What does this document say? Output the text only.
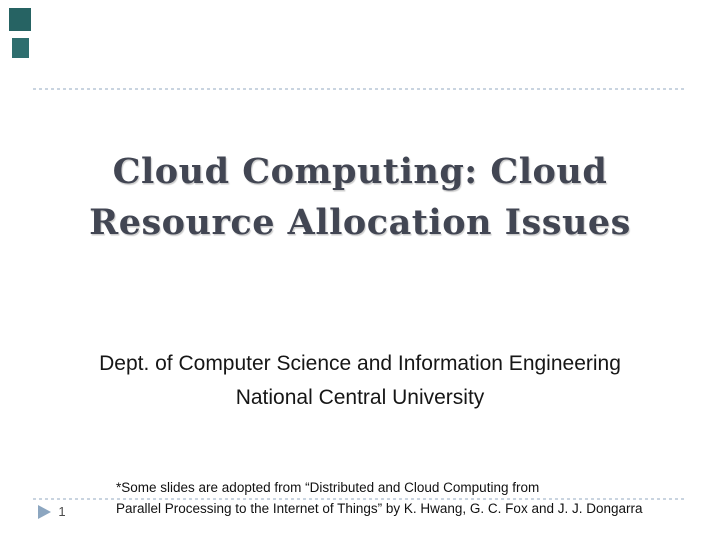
Cloud Computing: Cloud
Resource Allocation Issues
Dept. of Computer Science and Information Engineering
National Central University
*Some slides are adopted from “Distributed and Cloud Computing from
Parallel Processing to the Internet of Things” by K. Hwang, G. C. Fox and J. J. Dongarra
1
